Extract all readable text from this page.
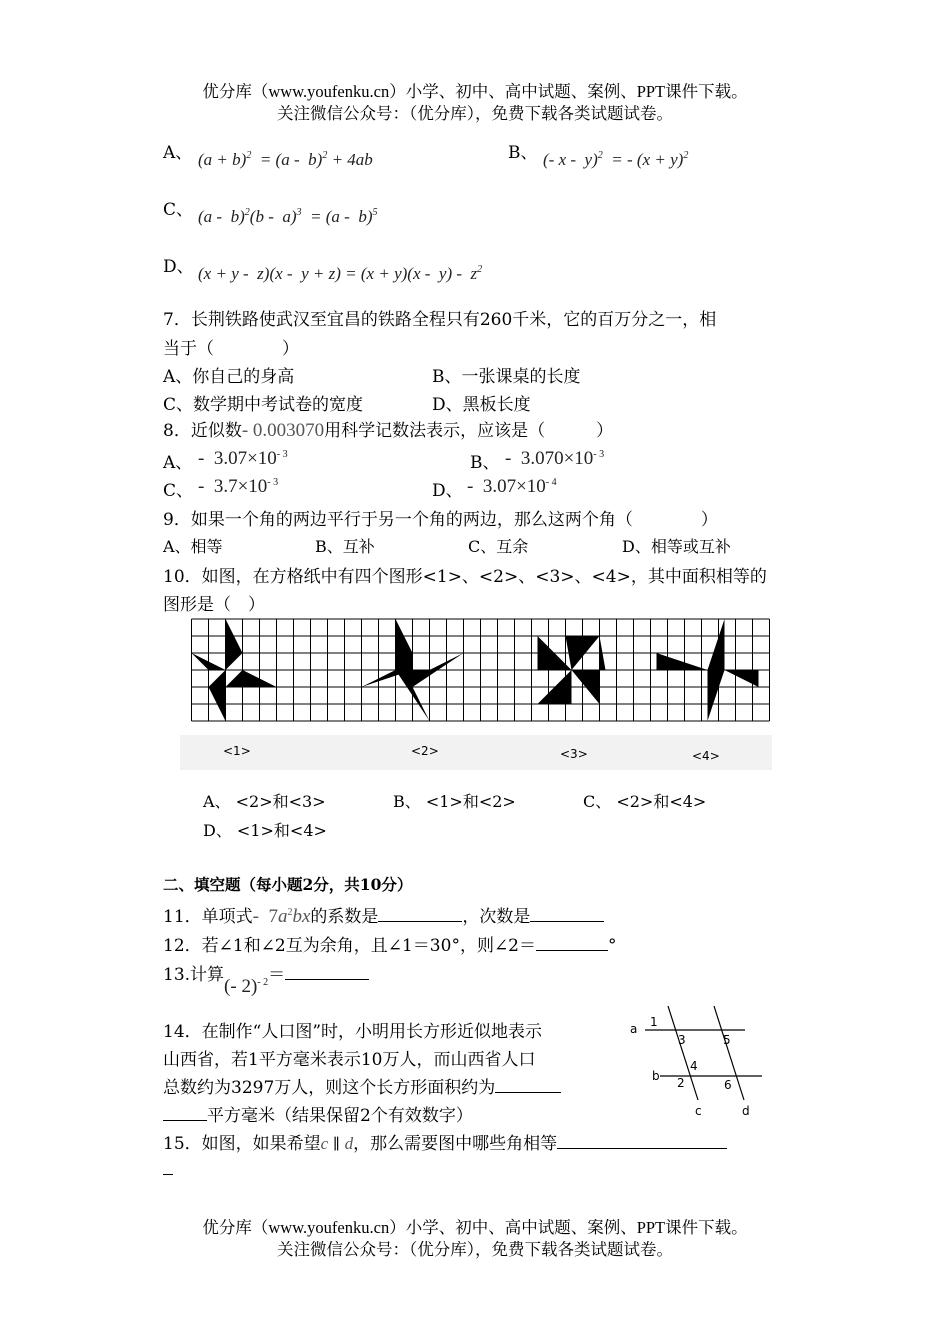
优分库（www.youfenku.cn）小学、初中、高中试题、案例、PPT课件下载。
关注微信公众号：（优分库），免费下载各类试题试卷。
A、 $(a + b)^2 = (a - b)^2 + 4ab$	B、 (- x -  y)$^2$  = - $(x + y)^2$
C、 (a -  b)$^2$(b -  a)$^3$  = (a -  b)$^5$
D、 $(x + y - z)(x - y + z) = (x + y)(x - y) - z^2$
7．长荆铁路使武汉至宜昌的铁路全程只有260千米，它的百万分之一，相
当于（　　　　）
A、你自己的身高	B、一张课桌的长度
C、数学期中考试卷的宽度	D、黑板长度
8．近似数- 0.003070用科学记数法表示，应该是（　　　）
A、 -  $3.07\times 10^{- 3}$	B、 -  $3.070\times 10^{- 3}$
C、 -  $3.7\times 10^{- 3}$	D、 -  $3.07\times 10^{- 4}$
9．如果一个角的两边平行于另一个角的两边，那么这两个角（　　　　）
A、相等	B、互补	C、互余	D、相等或互补
10．如图，在方格纸中有四个图形<1>、<2>、<3>、<4>，其中面积相等的
图形是（　）
<1>	<2>	<3>	<4>
A、 <2>和<3>	B、 <1>和<2>	C、 <2>和<4>
D、 <1>和<4>
二、填空题（每小题2分，共10分）
11．单项式-  $7a^2bx$的系数是	，次数是
12．若∠1和∠2互为余角，且∠1＝30°，则∠2＝	°
13.计算(- 2)$^{- 2}$＝
14．在制作“人口图”时，小明用长方形近似地表示
山西省，若1平方毫米表示10万人，而山西省人口
总数约为3297万人，则这个长方形面积约为
平方毫米（结果保留2个有效数字）
a
b
c	d
1
2
3
4
5
6
15．如图，如果希望c ∥ d，那么需要图中哪些角相等
优分库（www.youfenku.cn）小学、初中、高中试题、案例、PPT课件下载。
关注微信公众号：（优分库），免费下载各类试题试卷。
